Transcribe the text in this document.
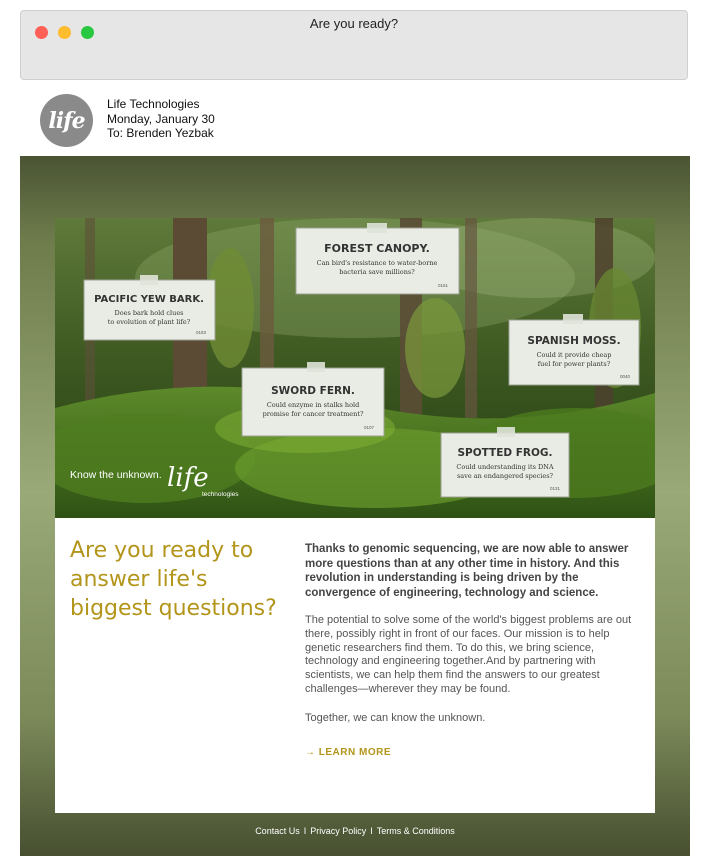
Are you ready?
life
Life Technologies
Monday, January 30
To: Brenden Yezbak
FOREST CANOPY.
Can bird's resistance to water-borne
bacteria save millions?
0161
PACIFIC YEW BARK.
Does bark hold clues
to evolution of plant life?
0183
SPANISH MOSS.
Could it provide cheap
fuel for power plants?
0040
SWORD FERN.
Could enzyme in stalks hold
promise for cancer treatment?
0107
SPOTTED FROG.
Could understanding its DNA
save an endangered species?
0131
Know the unknown. life
technologies
Are you ready to answer life's biggest questions?
Thanks to genomic sequencing, we are now able to answer more questions than at any other time in history. And this revolution in understanding is being driven by the convergence of engineering, technology and science.
The potential to solve some of the world's biggest problems are out there, possibly right in front of our faces. Our mission is to help genetic researchers find them. To do this, we bring science, technology and engineering together.And by partnering with scientists, we can help them find the answers to our greatest challenges—wherever they may be found.
Together, we can know the unknown.
→ LEARN MORE
Contact Us I Privacy Policy I Terms & Conditions
